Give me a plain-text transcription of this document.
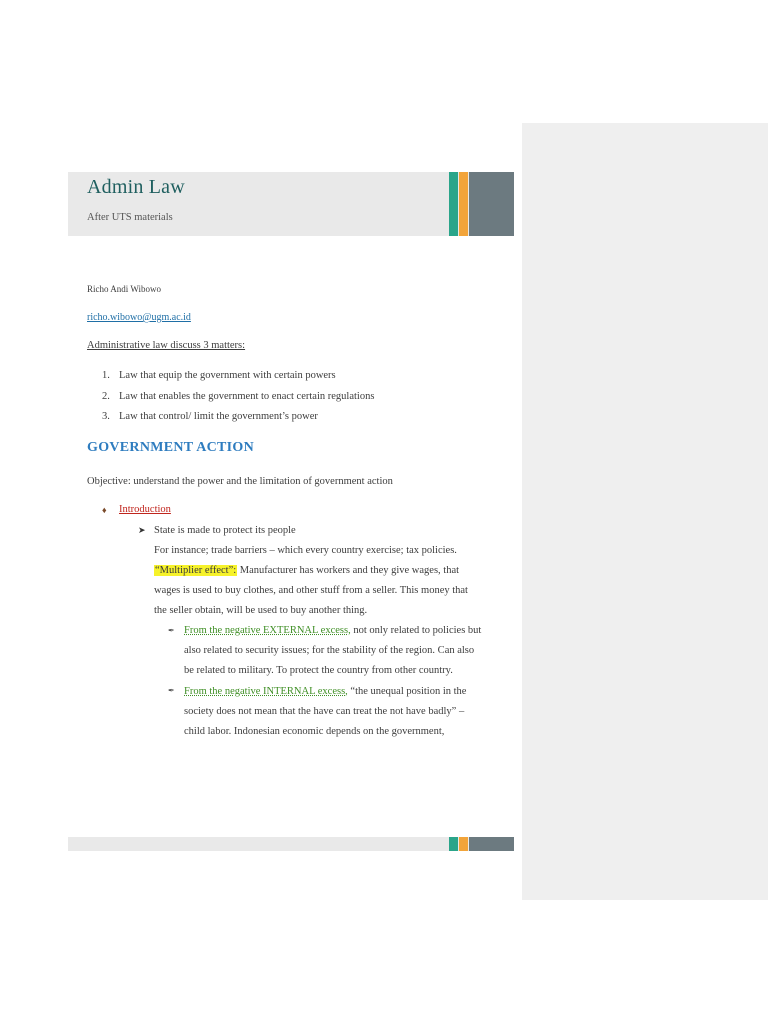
Admin Law
After UTS materials
Richo Andi Wibowo
richo.wibowo@ugm.ac.id
Administrative law discuss 3 matters:
1. Law that equip the government with certain powers
2. Law that enables the government to enact certain regulations
3. Law that control/ limit the government’s power
GOVERNMENT ACTION
Objective: understand the power and the limitation of government action
♦ Introduction
➤ State is made to protect its people
For instance; trade barriers – which every country exercise; tax policies.
“Multiplier effect”: Manufacturer has workers and they give wages, that
wages is used to buy clothes, and other stuff from a seller. This money that
the seller obtain, will be used to buy another thing.
✒ From the negative EXTERNAL excess, not only related to policies but
also related to security issues; for the stability of the region. Can also
be related to military. To protect the country from other country.
✒ From the negative INTERNAL excess, “the unequal position in the
society does not mean that the have can treat the not have badly” –
child labor. Indonesian economic depends on the government,
